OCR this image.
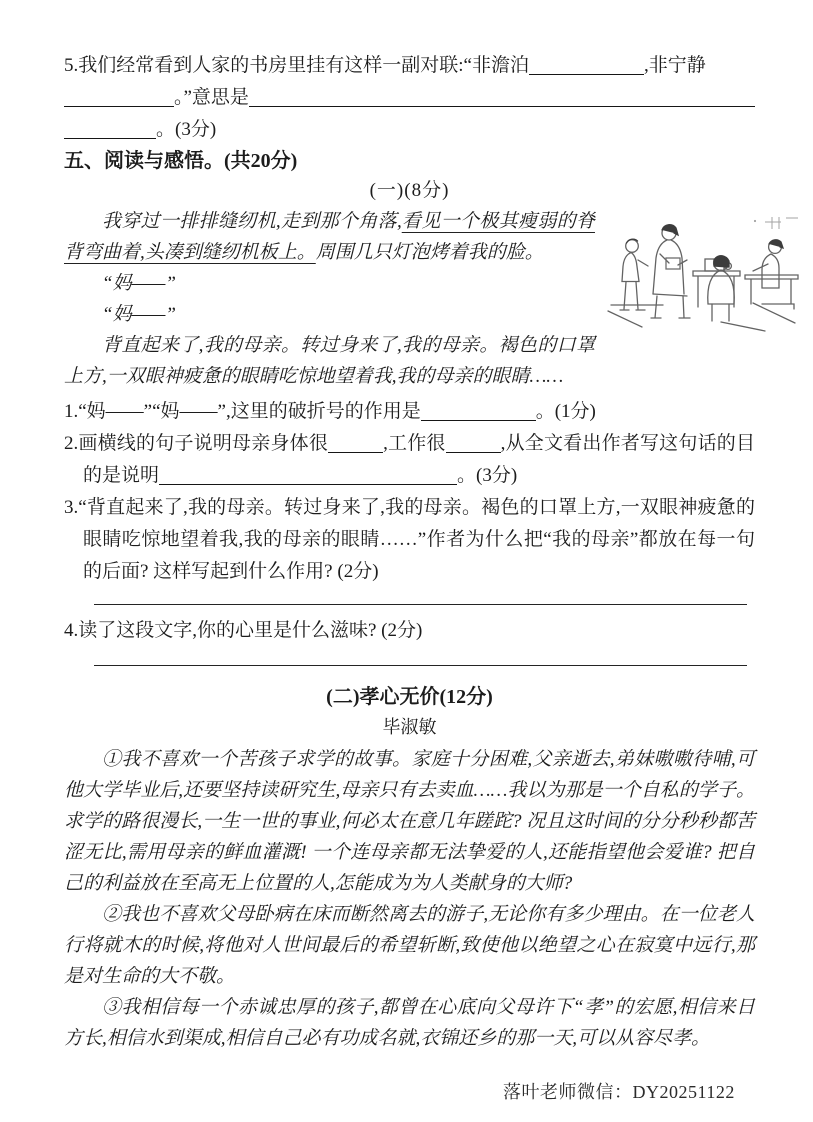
5.我们经常看到人家的书房里挂有这样一副对联:“非澹泊	,非宁静
。”意思是
。(3分)
五、阅读与感悟。(共20分)
(一)(8分)

我穿过一排排缝纫机,走到那个角落,看见一个极其瘦弱的脊背弯曲着,头凑到缝纫机板上。周围几只灯泡烤着我的脸。

“妈——”

“妈——”

背直起来了,我的母亲。转过身来了,我的母亲。褐色的口罩上方,一双眼神疲惫的眼睛吃惊地望着我,我的母亲的眼睛……

1.“妈——”“妈——”,这里的破折号的作用是	。(1分)
2.画横线的句子说明母亲身体很	,工作很	,从全文看出作者写这句话的目的是说明	。(3分)
3.“背直起来了,我的母亲。转过身来了,我的母亲。褐色的口罩上方,一双眼神疲惫的眼睛吃惊地望着我,我的母亲的眼睛……”作者为什么把“我的母亲”都放在每一句的后面? 这样写起到什么作用? (2分)
4.读了这段文字,你的心里是什么滋味? (2分)
(二)孝心无价(12分)
毕淑敏

①我不喜欢一个苦孩子求学的故事。家庭十分困难,父亲逝去,弟妹嗷嗷待哺,可他大学毕业后,还要坚持读研究生,母亲只有去卖血……我以为那是一个自私的学子。求学的路很漫长,一生一世的事业,何必太在意几年蹉跎? 况且这时间的分分秒秒都苦涩无比,需用母亲的鲜血灌溉! 一个连母亲都无法挚爱的人,还能指望他会爱谁? 把自己的利益放在至高无上位置的人,怎能成为为人类献身的大师?

②我也不喜欢父母卧病在床而断然离去的游子,无论你有多少理由。在一位老人行将就木的时候,将他对人世间最后的希望斩断,致使他以绝望之心在寂寞中远行,那是对生命的大不敬。

③我相信每一个赤诚忠厚的孩子,都曾在心底向父母许下“孝”的宏愿,相信来日方长,相信水到渠成,相信自己必有功成名就,衣锦还乡的那一天,可以从容尽孝。

落叶老师微信：DY20251122
